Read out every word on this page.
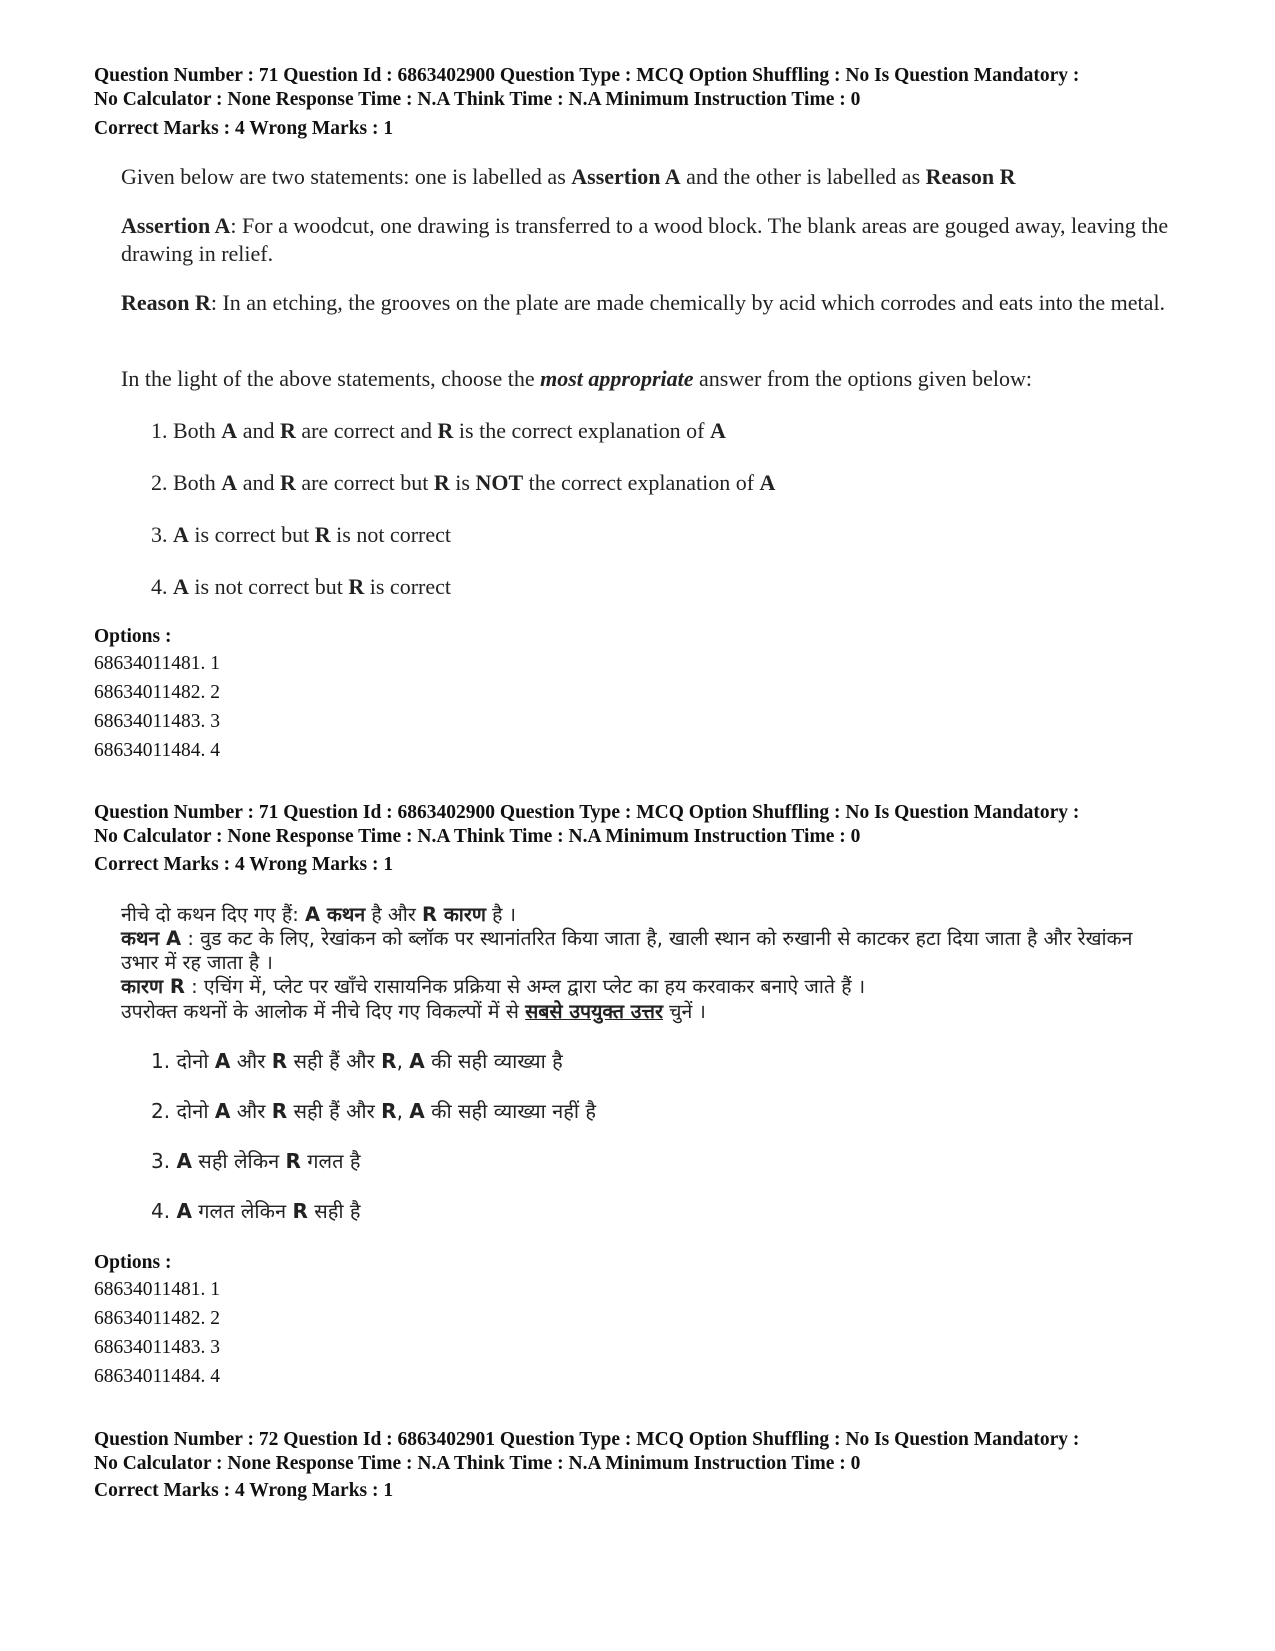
Question Number : 71 Question Id : 6863402900 Question Type : MCQ Option Shuffling : No Is Question Mandatory :
No Calculator : None Response Time : N.A Think Time : N.A Minimum Instruction Time : 0
Correct Marks : 4 Wrong Marks : 1
Given below are two statements: one is labelled as Assertion A and the other is labelled as Reason R
Assertion A: For a woodcut, one drawing is transferred to a wood block. The blank areas are gouged away, leaving the drawing in relief.
Reason R: In an etching, the grooves on the plate are made chemically by acid which corrodes and eats into the metal.
In the light of the above statements, choose the most appropriate answer from the options given below:
1. Both A and R are correct and R is the correct explanation of A
2. Both A and R are correct but R is NOT the correct explanation of A
3. A is correct but R is not correct
4. A is not correct but R is correct
Options :
68634011481. 1
68634011482. 2
68634011483. 3
68634011484. 4
Question Number : 71 Question Id : 6863402900 Question Type : MCQ Option Shuffling : No Is Question Mandatory :
No Calculator : None Response Time : N.A Think Time : N.A Minimum Instruction Time : 0
Correct Marks : 4 Wrong Marks : 1
नीचे दो कथन दिए गए हैं: A कथन है और R कारण है ।
कथन A : वुड कट के लिए, रेखांकन को ब्लॉक पर स्थानांतरित किया जाता है, खाली स्थान को रुखानी से काटकर हटा दिया जाता है और रेखांकन उभार में रह जाता है ।
कारण R : एचिंग में, प्लेट पर खाँचे रासायनिक प्रक्रिया से अम्ल द्वारा प्लेट का हय करवाकर बनाऐ जाते हैं ।
उपरोक्त कथनों के आलोक में नीचे दिए गए विकल्पों में से सबसे उपयुक्त उत्तर चुनें ।
1. दोनो A और R सही हैं और R, A की सही व्याख्या है
2. दोनो A और R सही हैं और R, A की सही व्याख्या नहीं है
3. A सही लेकिन R गलत है
4. A गलत लेकिन R सही है
Options :
68634011481. 1
68634011482. 2
68634011483. 3
68634011484. 4
Question Number : 72 Question Id : 6863402901 Question Type : MCQ Option Shuffling : No Is Question Mandatory :
No Calculator : None Response Time : N.A Think Time : N.A Minimum Instruction Time : 0
Correct Marks : 4 Wrong Marks : 1
